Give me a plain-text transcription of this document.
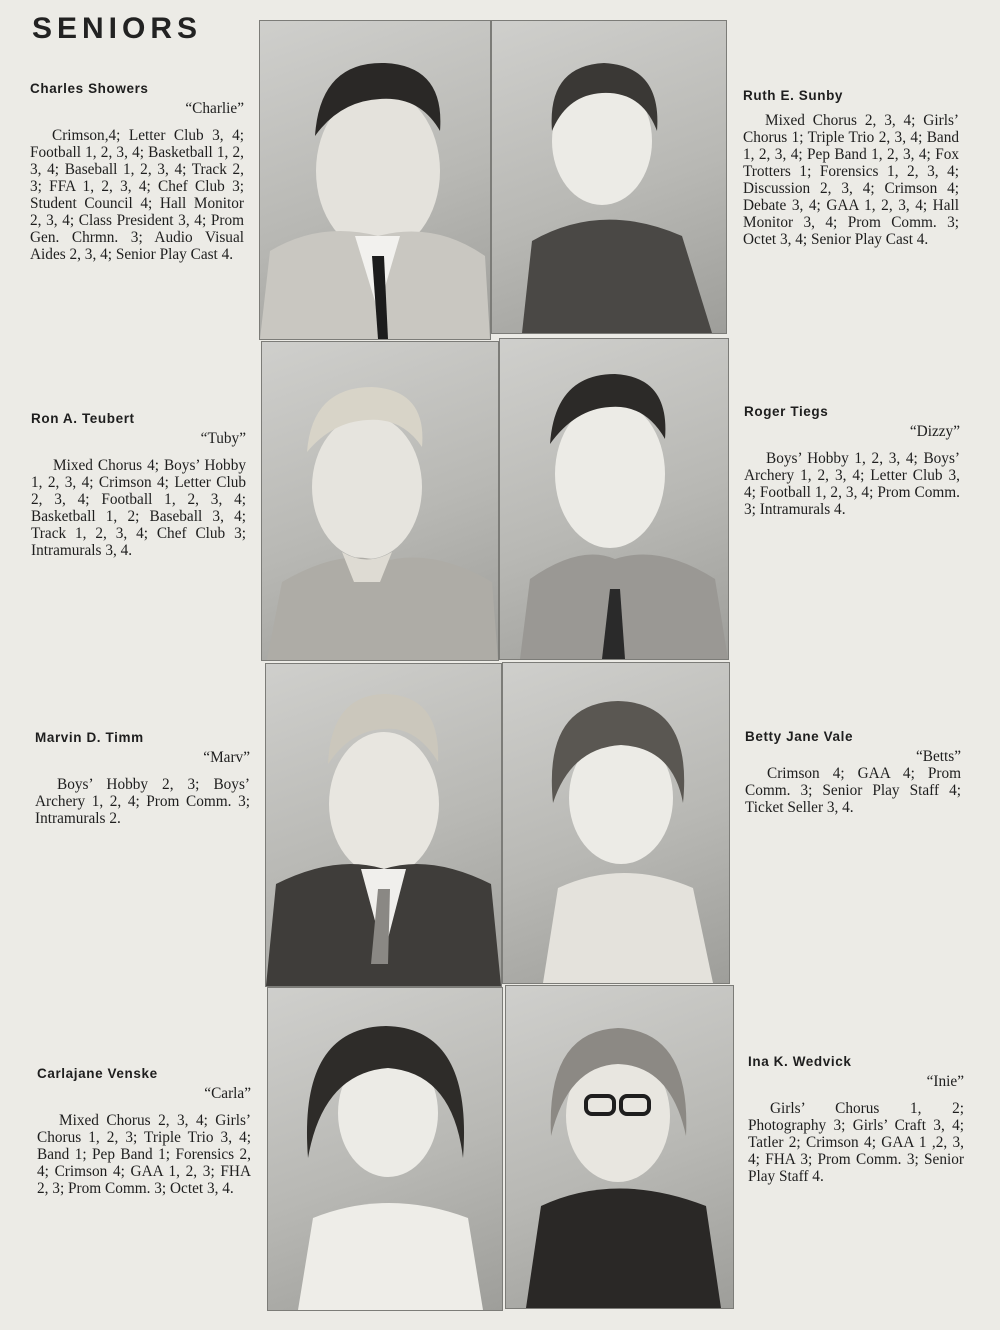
SENIORS

Charles Showers

“Charlie”

Crimson,4; Letter Club 3, 4; Football 1, 2, 3, 4; Basketball 1, 2, 3, 4; Baseball 1, 2, 3, 4; Track 2, 3; FFA 1, 2, 3, 4; Chef Club 3; Student Council 4; Hall Monitor 2, 3, 4; Class President 3, 4; Prom Gen. Chrmn. 3; Audio Visual Aides 2, 3, 4; Senior Play Cast 4.

Ruth E. Sunby

Mixed Chorus 2, 3, 4; Girls’ Chorus 1; Triple Trio 2, 3, 4; Band 1, 2, 3, 4; Pep Band 1, 2, 3, 4; Fox Trotters 1; Forensics 1, 2, 3, 4; Discussion 2, 3, 4; Crimson 4; Debate 3, 4; GAA 1, 2, 3, 4; Hall Monitor 3, 4; Prom Comm. 3; Octet 3, 4; Senior Play Cast 4.

Ron A. Teubert

“Tuby”

Mixed Chorus 4; Boys’ Hobby 1, 2, 3, 4; Crimson 4; Letter Club 2, 3, 4; Football 1, 2, 3, 4; Basketball 1, 2; Baseball 3, 4; Track 1, 2, 3, 4; Chef Club 3; Intramurals 3, 4.

Roger Tiegs

“Dizzy”

Boys’ Hobby 1, 2, 3, 4; Boys’ Archery 1, 2, 3, 4; Letter Club 3, 4; Football 1, 2, 3, 4; Prom Comm. 3; Intramurals 4.

Marvin D. Timm

“Marv”

Boys’ Hobby 2, 3; Boys’ Archery 1, 2, 4; Prom Comm. 3; Intramurals 2.

Betty Jane Vale

“Betts”

Crimson 4; GAA 4; Prom Comm. 3; Senior Play Staff 4; Ticket Seller 3, 4.

Carlajane Venske

“Carla”

Mixed Chorus 2, 3, 4; Girls’ Chorus 1, 2, 3; Triple Trio 3, 4; Band 1; Pep Band 1; Forensics 2, 4; Crimson 4; GAA 1, 2, 3; FHA 2, 3; Prom Comm. 3; Octet 3, 4.

Ina K. Wedvick

“Inie”

Girls’ Chorus 1, 2; Photography 3; Girls’ Craft 3, 4; Tatler 2; Crimson 4; GAA 1 ,2, 3, 4; FHA 3; Prom Comm. 3; Senior Play Staff 4.
